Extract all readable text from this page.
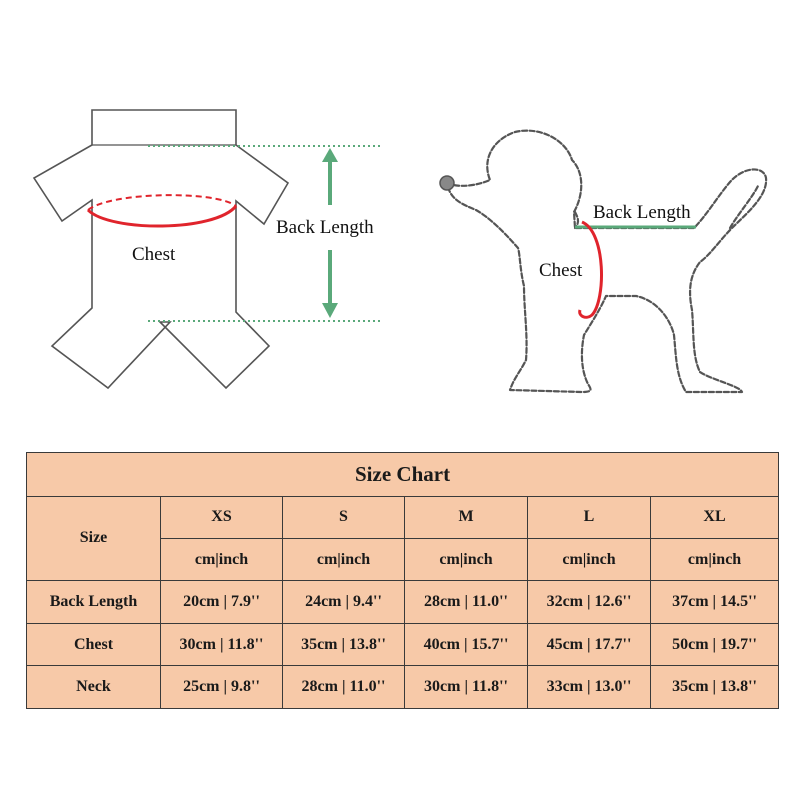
Chest
Back Length
Back Length
Chest
Size Chart					
Size	XS	S	M	L	XL
	cm|inch	cm|inch	cm|inch	cm|inch	cm|inch
Back Length	20cm | 7.9''	24cm | 9.4''	28cm | 11.0''	32cm | 12.6''	37cm | 14.5''
Chest	30cm | 11.8''	35cm | 13.8''	40cm | 15.7''	45cm | 17.7''	50cm | 19.7''
Neck	25cm | 9.8''	28cm | 11.0''	30cm | 11.8''	33cm | 13.0''	35cm | 13.8''
